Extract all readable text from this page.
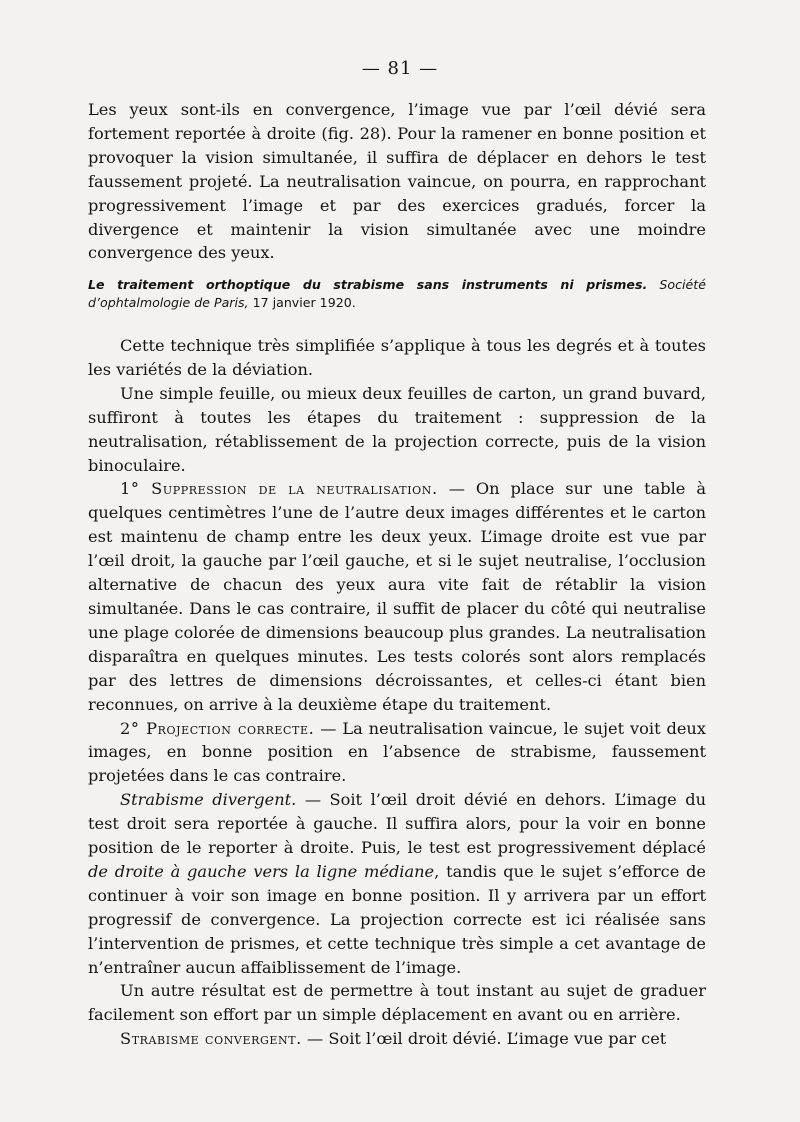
— 81 —

Les yeux sont-ils en convergence, l’image vue par l’œil dévié sera fortement reportée à droite (fig. 28). Pour la ramener en bonne position et provoquer la vision simultanée, il suffira de déplacer en dehors le test faussement projeté. La neutralisation vaincue, on pourra, en rapprochant progressivement l’image et par des exercices gradués, forcer la divergence et maintenir la vision simultanée avec une moindre convergence des yeux.

Le traitement orthoptique du strabisme sans instruments ni prismes. Société d’ophtalmologie de Paris, 17 janvier 1920.

Cette technique très simplifiée s’applique à tous les degrés et à toutes les variétés de la déviation.

Une simple feuille, ou mieux deux feuilles de carton, un grand buvard, suffiront à toutes les étapes du traitement : suppression de la neutralisation, rétablissement de la projection correcte, puis de la vision binoculaire.

1° Suppression de la neutralisation. — On place sur une table à quelques centimètres l’une de l’autre deux images différentes et le carton est maintenu de champ entre les deux yeux. L’image droite est vue par l’œil droit, la gauche par l’œil gauche, et si le sujet neutralise, l’occlusion alternative de chacun des yeux aura vite fait de rétablir la vision simultanée. Dans le cas contraire, il suffit de placer du côté qui neutralise une plage colorée de dimensions beaucoup plus grandes. La neutralisation disparaîtra en quelques minutes. Les tests colorés sont alors remplacés par des lettres de dimensions décroissantes, et celles-ci étant bien reconnues, on arrive à la deuxième étape du traitement.

2° Projection correcte. — La neutralisation vaincue, le sujet voit deux images, en bonne position en l’absence de strabisme, faussement projetées dans le cas contraire.

Strabisme divergent. — Soit l’œil droit dévié en dehors. L’image du test droit sera reportée à gauche. Il suffira alors, pour la voir en bonne position de le reporter à droite. Puis, le test est progressivement déplacé de droite à gauche vers la ligne médiane, tandis que le sujet s’efforce de continuer à voir son image en bonne position. Il y arrivera par un effort progressif de convergence. La projection correcte est ici réalisée sans l’intervention de prismes, et cette technique très simple a cet avantage de n’entraîner aucun affaiblissement de l’image.

Un autre résultat est de permettre à tout instant au sujet de graduer facilement son effort par un simple déplacement en avant ou en arrière.

Strabisme convergent. — Soit l’œil droit dévié. L’image vue par cet
